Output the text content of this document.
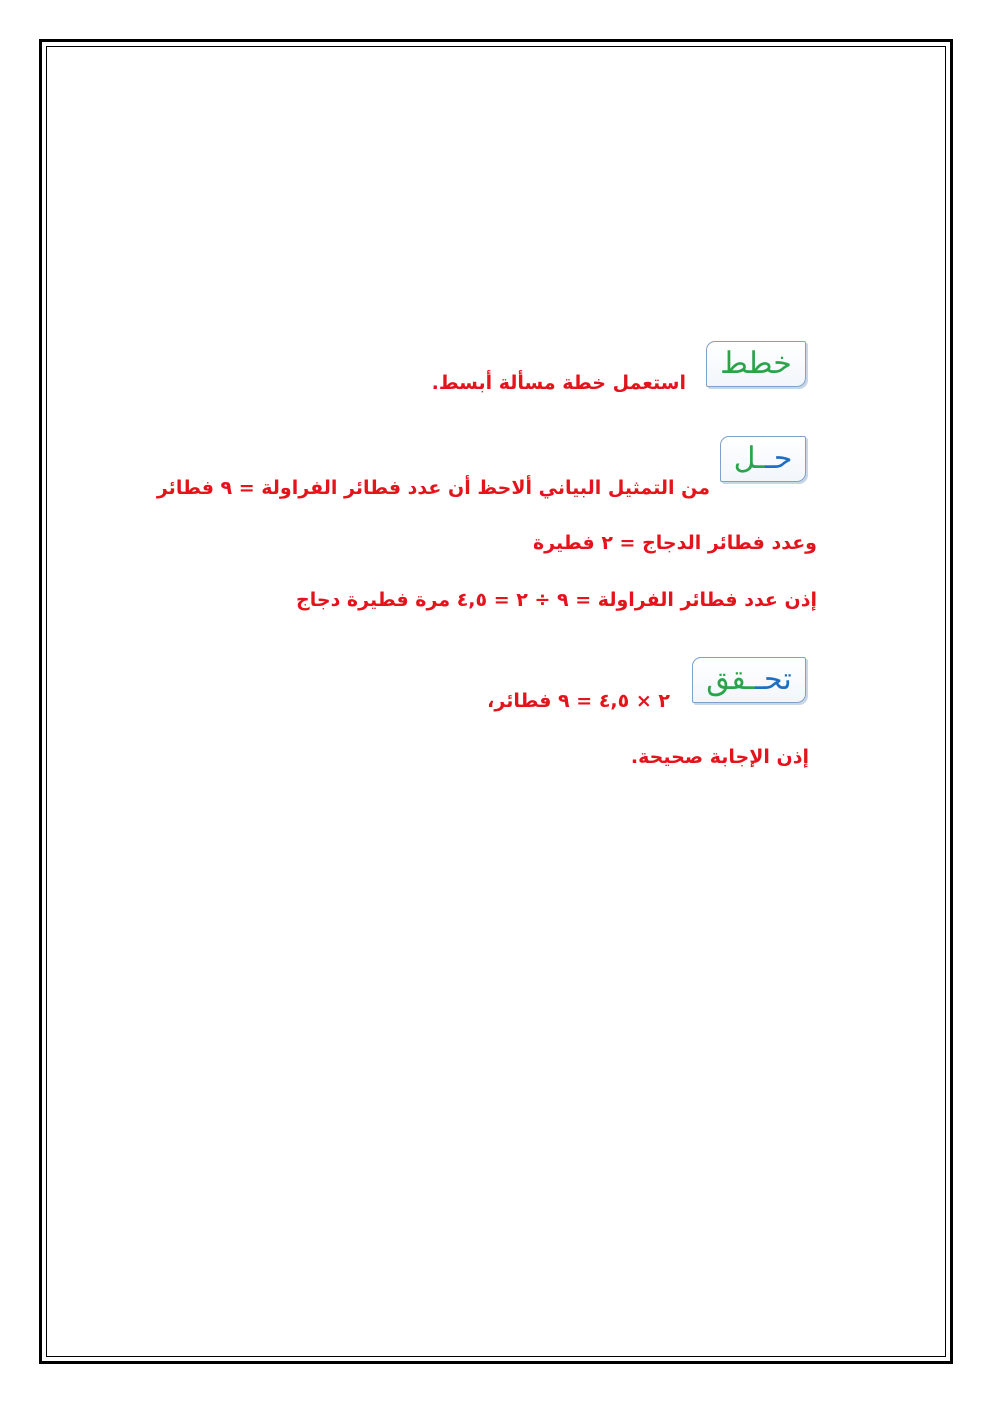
خطط
استعمل خطة مسألة أبسط.
حــل
من التمثيل البياني ألاحظ أن عدد فطائر الفراولة = ٩ فطائر
وعدد فطائر الدجاج = ٢ فطيرة
إذن عدد فطائر الفراولة = ٩ ÷ ٢ = ٤,٥ مرة فطيرة دجاج
تحــقق
٢ × ٤,٥ = ٩ فطائر،
إذن الإجابة صحيحة.
